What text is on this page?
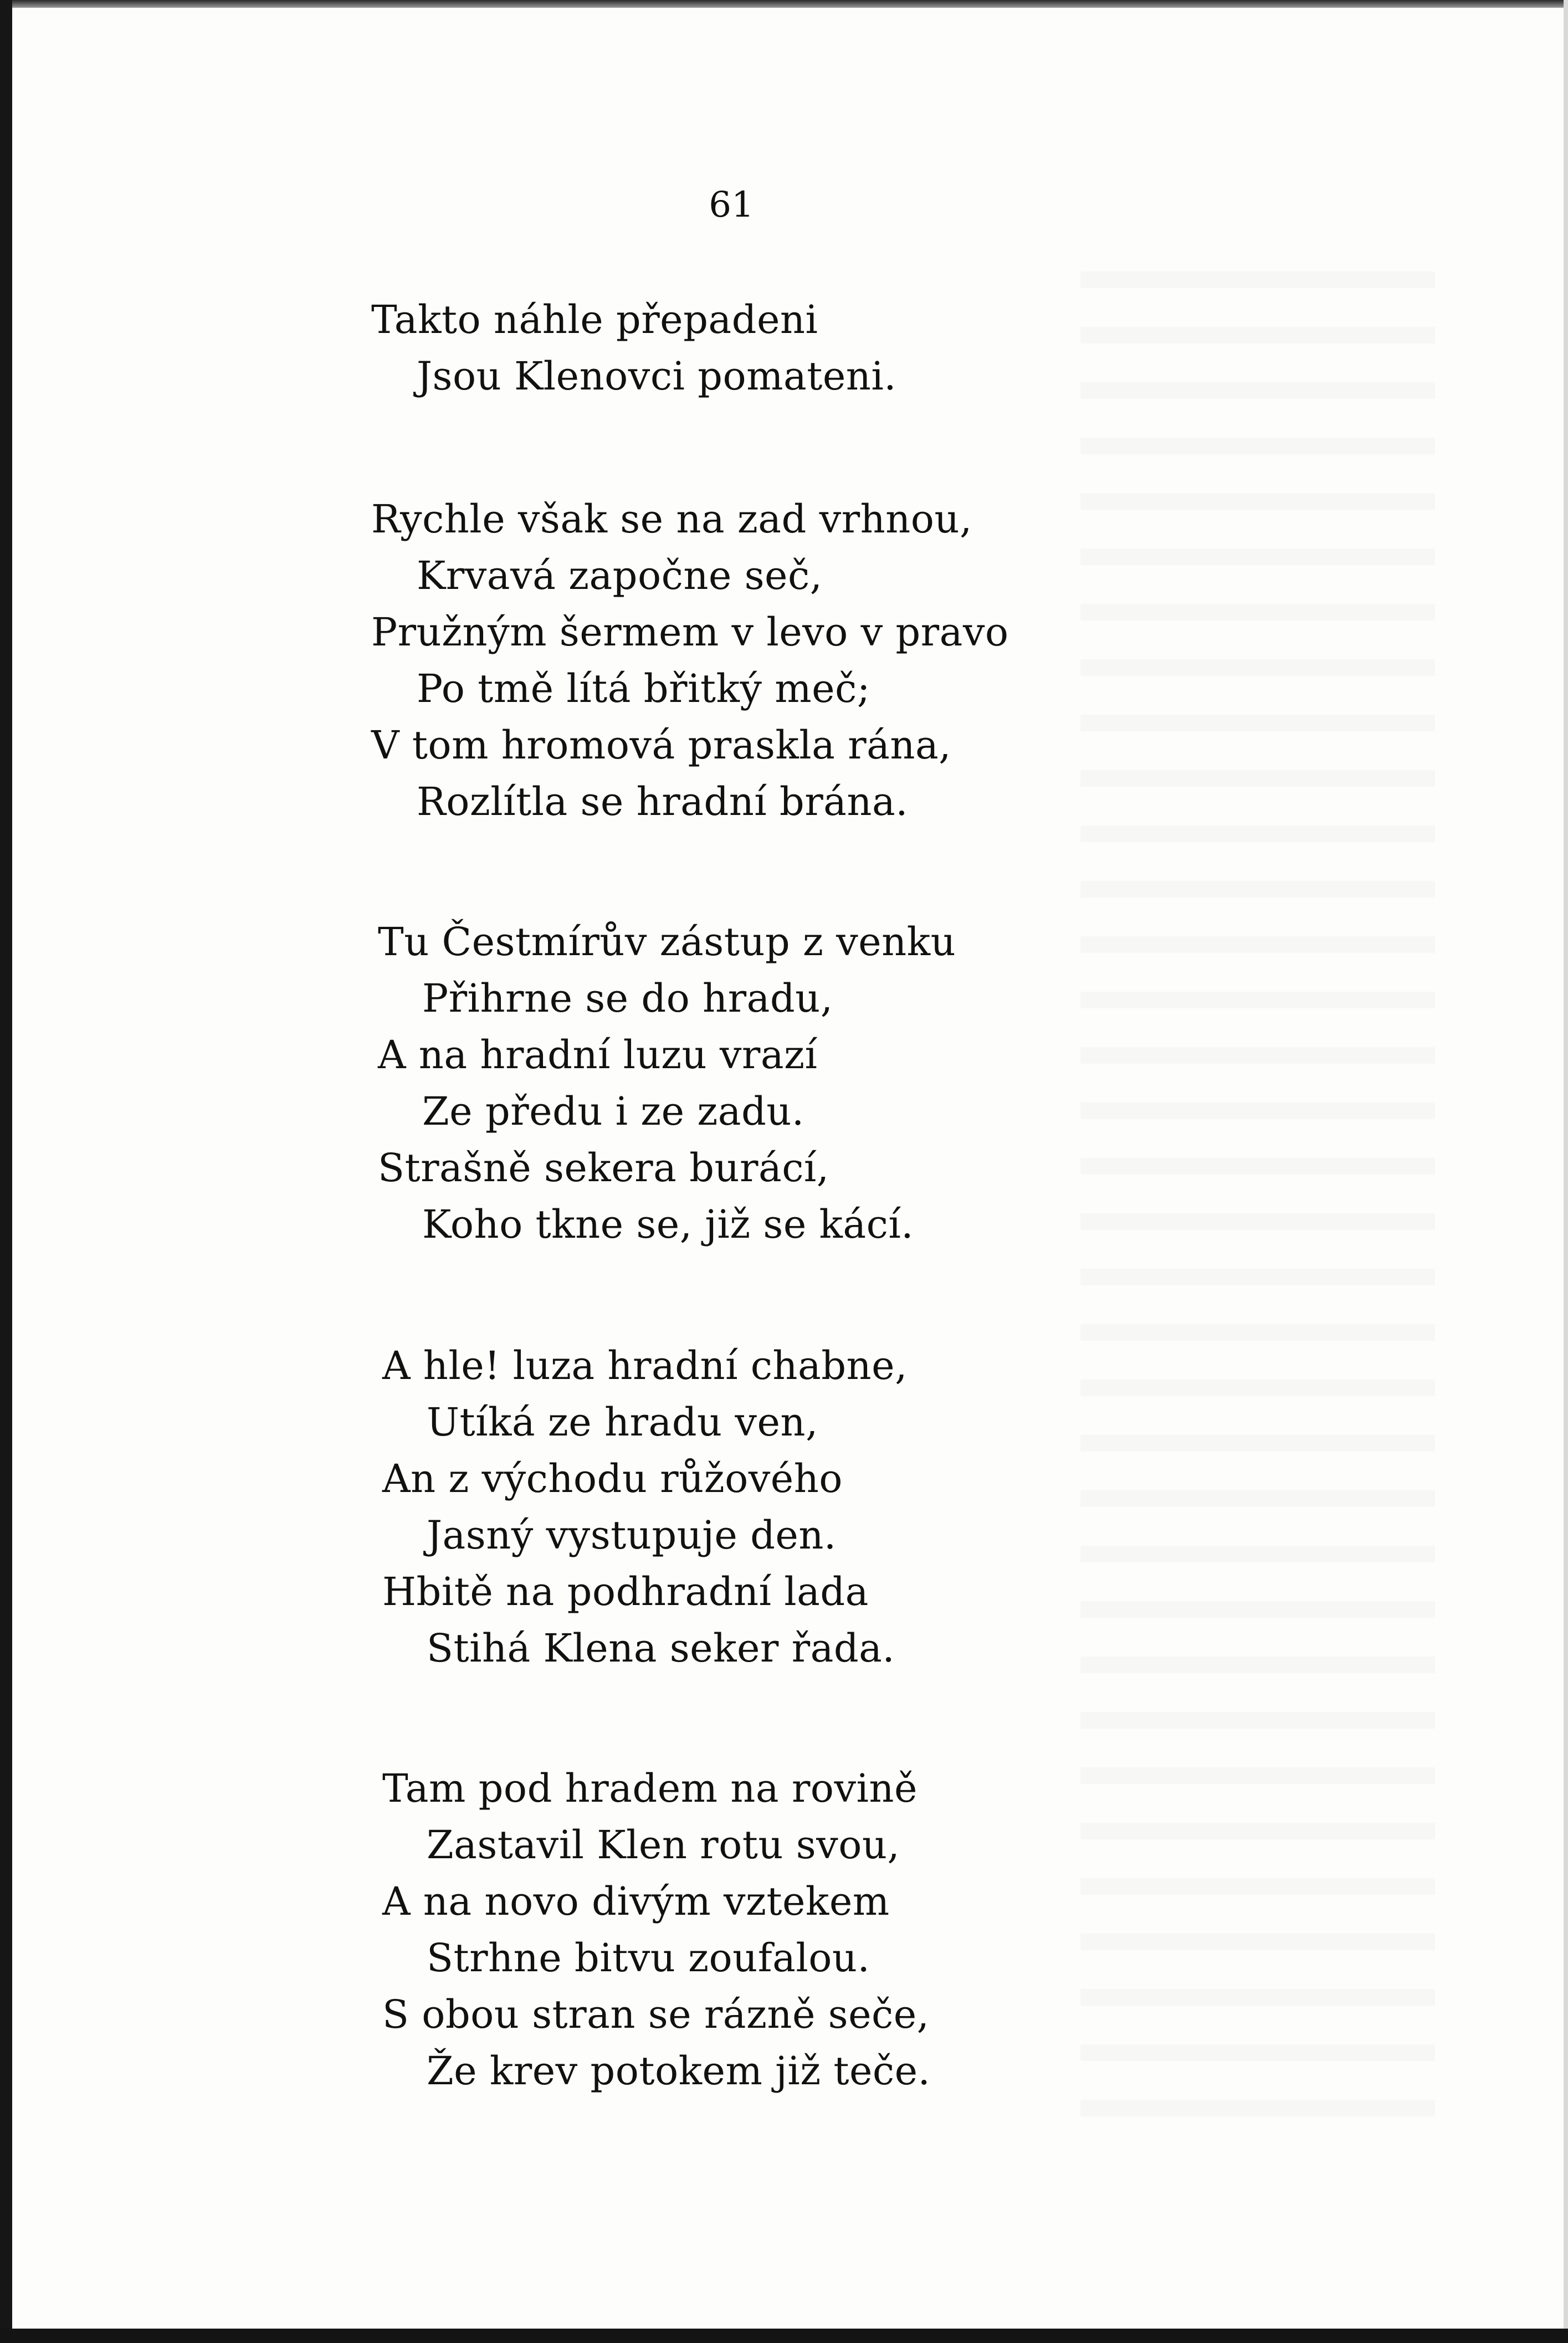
61
Takto náhle přepadeni
Jsou Klenovci pomateni.
Rychle však se na zad vrhnou,
Krvavá započne seč,
Pružným šermem v levo v pravo
Po tmě lítá břitký meč;
V tom hromová praskla rána,
Rozlítla se hradní brána.
Tu Čestmírův zástup z venku
Přihrne se do hradu,
A na hradní luzu vrazí
Ze předu i ze zadu.
Strašně sekera burácí,
Koho tkne se, již se kácí.
A hle! luza hradní chabne,
Utíká ze hradu ven,
An z východu růžového
Jasný vystupuje den.
Hbitě na podhradní lada
Stihá Klena seker řada.
Tam pod hradem na rovině
Zastavil Klen rotu svou,
A na novo divým vztekem
Strhne bitvu zoufalou.
S obou stran se rázně seče,
Že krev potokem již teče.
